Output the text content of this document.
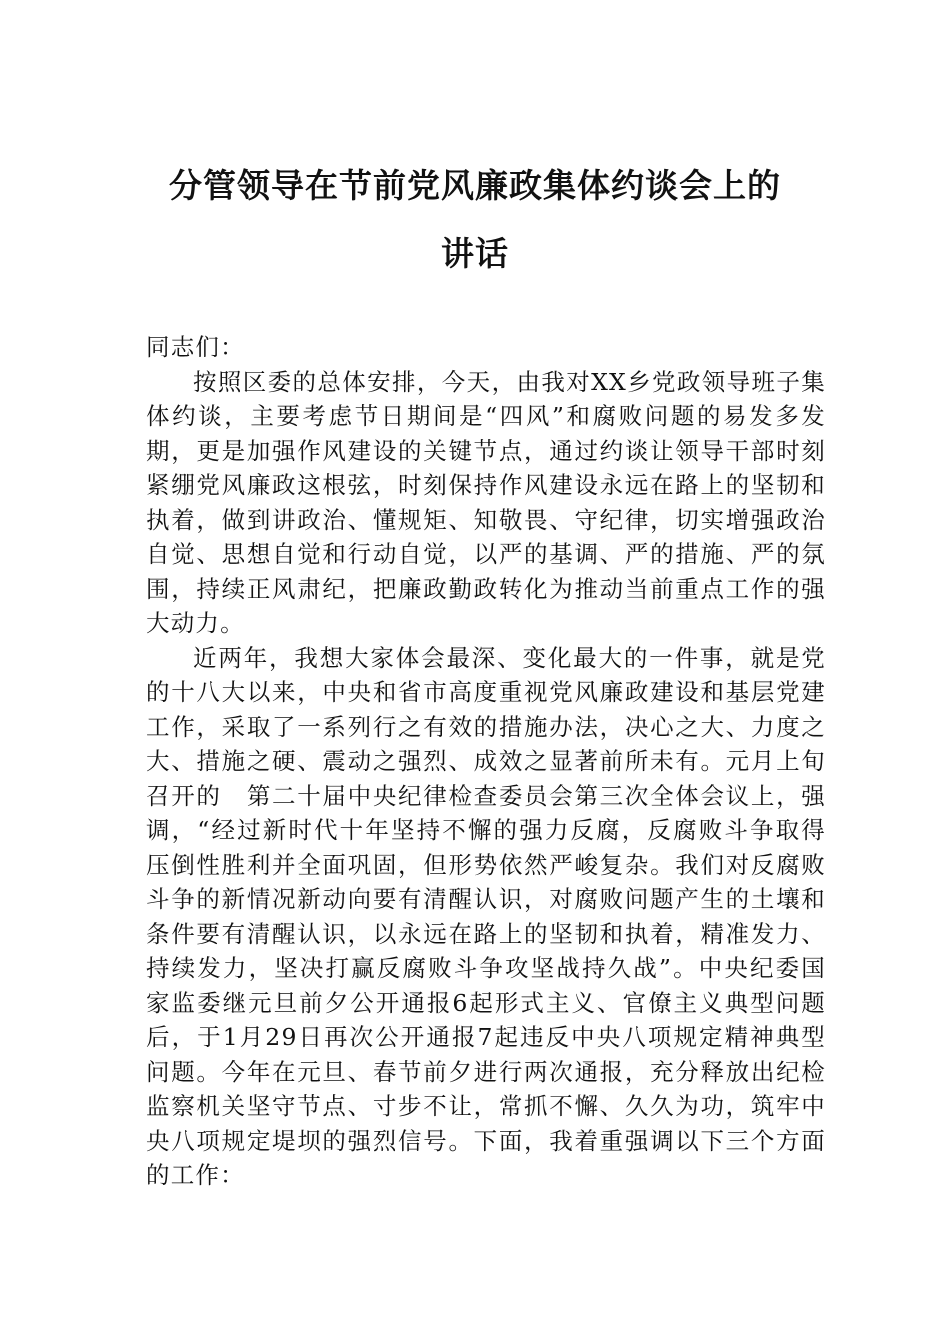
分管领导在节前党风廉政集体约谈会上的
讲话

同志们：

按照区委的总体安排，今天，由我对XX乡党政领导班子集体约谈，主要考虑节日期间是“四风”和腐败问题的易发多发期，更是加强作风建设的关键节点，通过约谈让领导干部时刻紧绷党风廉政这根弦，时刻保持作风建设永远在路上的坚韧和执着，做到讲政治、懂规矩、知敬畏、守纪律，切实增强政治自觉、思想自觉和行动自觉，以严的基调、严的措施、严的氛围，持续正风肃纪，把廉政勤政转化为推动当前重点工作的强大动力。

近两年，我想大家体会最深、变化最大的一件事，就是党的十八大以来，中央和省市高度重视党风廉政建设和基层党建工作，采取了一系列行之有效的措施办法，决心之大、力度之大、措施之硬、震动之强烈、成效之显著前所未有。元月上旬召开的　第二十届中央纪律检查委员会第三次全体会议上，强调，“经过新时代十年坚持不懈的强力反腐，反腐败斗争取得压倒性胜利并全面巩固，但形势依然严峻复杂。我们对反腐败斗争的新情况新动向要有清醒认识，对腐败问题产生的土壤和条件要有清醒认识，以永远在路上的坚韧和执着，精准发力、持续发力，坚决打赢反腐败斗争攻坚战持久战”。中央纪委国家监委继元旦前夕公开通报6起形式主义、官僚主义典型问题后，于1月29日再次公开通报7起违反中央八项规定精神典型问题。今年在元旦、春节前夕进行两次通报，充分释放出纪检监察机关坚守节点、寸步不让，常抓不懈、久久为功，筑牢中央八项规定堤坝的强烈信号。下面，我着重强调以下三个方面的工作：
